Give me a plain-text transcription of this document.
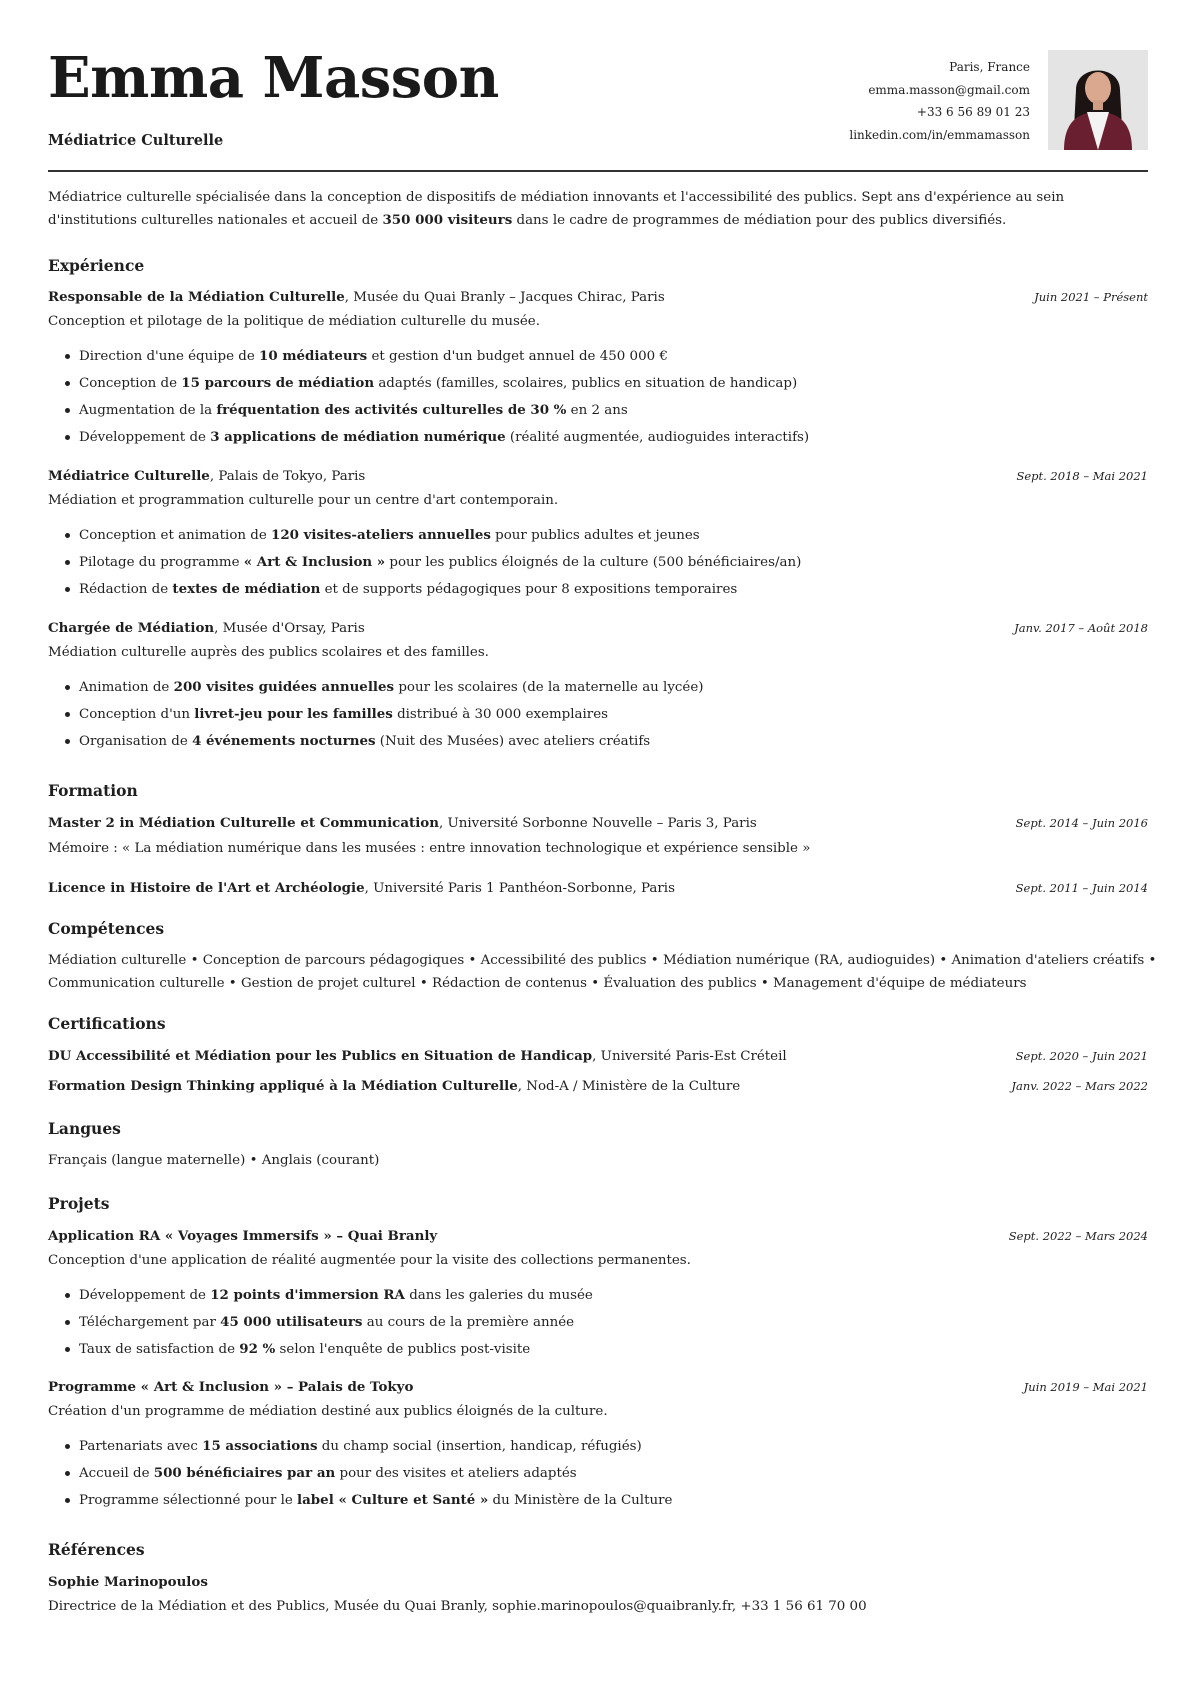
Emma Masson
Médiatrice Culturelle
Paris, France
emma.masson@gmail.com
+33 6 56 89 01 23
linkedin.com/in/emmamasson
Médiatrice culturelle spécialisée dans la conception de dispositifs de médiation innovants et l'accessibilité des publics. Sept ans d'expérience au sein d'institutions culturelles nationales et accueil de 350 000 visiteurs dans le cadre de programmes de médiation pour des publics diversifiés.
Expérience
Responsable de la Médiation Culturelle, Musée du Quai Branly – Jacques Chirac, Paris	Juin 2021 – Présent
Conception et pilotage de la politique de médiation culturelle du musée.
Direction d'une équipe de 10 médiateurs et gestion d'un budget annuel de 450 000 €
Conception de 15 parcours de médiation adaptés (familles, scolaires, publics en situation de handicap)
Augmentation de la fréquentation des activités culturelles de 30 % en 2 ans
Développement de 3 applications de médiation numérique (réalité augmentée, audioguides interactifs)
Médiatrice Culturelle, Palais de Tokyo, Paris	Sept. 2018 – Mai 2021
Médiation et programmation culturelle pour un centre d'art contemporain.
Conception et animation de 120 visites-ateliers annuelles pour publics adultes et jeunes
Pilotage du programme « Art & Inclusion » pour les publics éloignés de la culture (500 bénéficiaires/an)
Rédaction de textes de médiation et de supports pédagogiques pour 8 expositions temporaires
Chargée de Médiation, Musée d'Orsay, Paris	Janv. 2017 – Août 2018
Médiation culturelle auprès des publics scolaires et des familles.
Animation de 200 visites guidées annuelles pour les scolaires (de la maternelle au lycée)
Conception d'un livret-jeu pour les familles distribué à 30 000 exemplaires
Organisation de 4 événements nocturnes (Nuit des Musées) avec ateliers créatifs
Formation
Master 2 in Médiation Culturelle et Communication, Université Sorbonne Nouvelle – Paris 3, Paris	Sept. 2014 – Juin 2016
Mémoire : « La médiation numérique dans les musées : entre innovation technologique et expérience sensible »
Licence in Histoire de l'Art et Archéologie, Université Paris 1 Panthéon-Sorbonne, Paris	Sept. 2011 – Juin 2014
Compétences
Médiation culturelle • Conception de parcours pédagogiques • Accessibilité des publics • Médiation numérique (RA, audioguides) • Animation d'ateliers créatifs •
Communication culturelle • Gestion de projet culturel • Rédaction de contenus • Évaluation des publics • Management d'équipe de médiateurs
Certifications
DU Accessibilité et Médiation pour les Publics en Situation de Handicap, Université Paris-Est Créteil	Sept. 2020 – Juin 2021
Formation Design Thinking appliqué à la Médiation Culturelle, Nod-A / Ministère de la Culture	Janv. 2022 – Mars 2022
Langues
Français (langue maternelle) • Anglais (courant)
Projets
Application RA « Voyages Immersifs » – Quai Branly	Sept. 2022 – Mars 2024
Conception d'une application de réalité augmentée pour la visite des collections permanentes.
Développement de 12 points d'immersion RA dans les galeries du musée
Téléchargement par 45 000 utilisateurs au cours de la première année
Taux de satisfaction de 92 % selon l'enquête de publics post-visite
Programme « Art & Inclusion » – Palais de Tokyo	Juin 2019 – Mai 2021
Création d'un programme de médiation destiné aux publics éloignés de la culture.
Partenariats avec 15 associations du champ social (insertion, handicap, réfugiés)
Accueil de 500 bénéficiaires par an pour des visites et ateliers adaptés
Programme sélectionné pour le label « Culture et Santé » du Ministère de la Culture
Références
Sophie Marinopoulos
Directrice de la Médiation et des Publics, Musée du Quai Branly, sophie.marinopoulos@quaibranly.fr, +33 1 56 61 70 00
